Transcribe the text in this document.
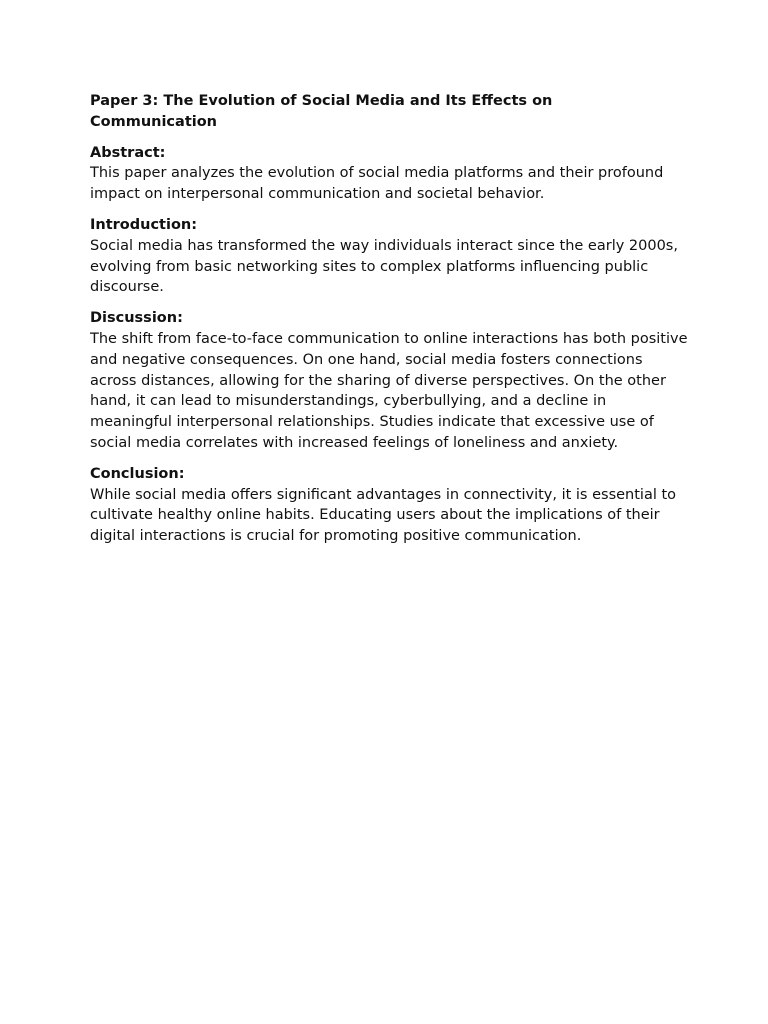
Paper 3: The Evolution of Social Media and Its Effects on Communication
Abstract:
This paper analyzes the evolution of social media platforms and their profound impact on interpersonal communication and societal behavior.
Introduction:
Social media has transformed the way individuals interact since the early 2000s, evolving from basic networking sites to complex platforms influencing public discourse.
Discussion:
The shift from face-to-face communication to online interactions has both positive and negative consequences. On one hand, social media fosters connections across distances, allowing for the sharing of diverse perspectives. On the other hand, it can lead to misunderstandings, cyberbullying, and a decline in meaningful interpersonal relationships. Studies indicate that excessive use of social media correlates with increased feelings of loneliness and anxiety.
Conclusion:
While social media offers significant advantages in connectivity, it is essential to cultivate healthy online habits. Educating users about the implications of their digital interactions is crucial for promoting positive communication.
